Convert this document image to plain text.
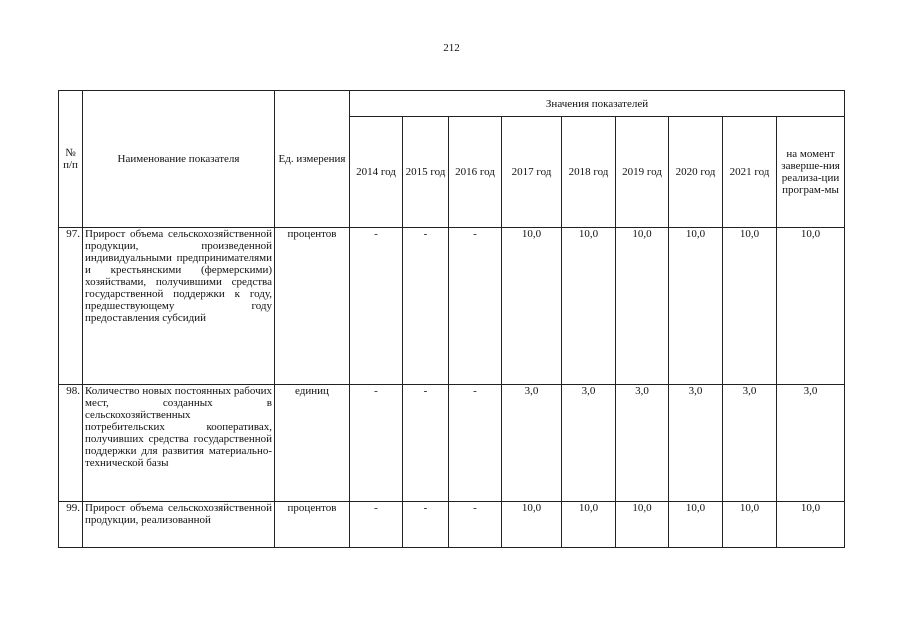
212
№ п/п	Наименование показателя	Ед. измерения	Значения показателей								
			2014 год	2015 год	2016 год	2017 год	2018 год	2019 год	2020 год	2021 год	на момент заверше-ния реализа-ции програм-мы
97.	Прирост объема сельскохозяйственной продукции, произведенной индивидуальными предпринимателями и крестьянскими (фермерскими) хозяйствами, получившими средства государственной поддержки к году, предшествующему году предоставления субсидий	процентов	-	-	-	10,0	10,0	10,0	10,0	10,0	10,0
98.	Количество новых постоянных рабочих мест, созданных в сельскохозяйственных потребительских кооперативах, получивших средства государственной поддержки для развития материально-технической базы	единиц	-	-	-	3,0	3,0	3,0	3,0	3,0	3,0
99.	Прирост объема сельскохозяйственной продукции, реализованной	процентов	-	-	-	10,0	10,0	10,0	10,0	10,0	10,0
